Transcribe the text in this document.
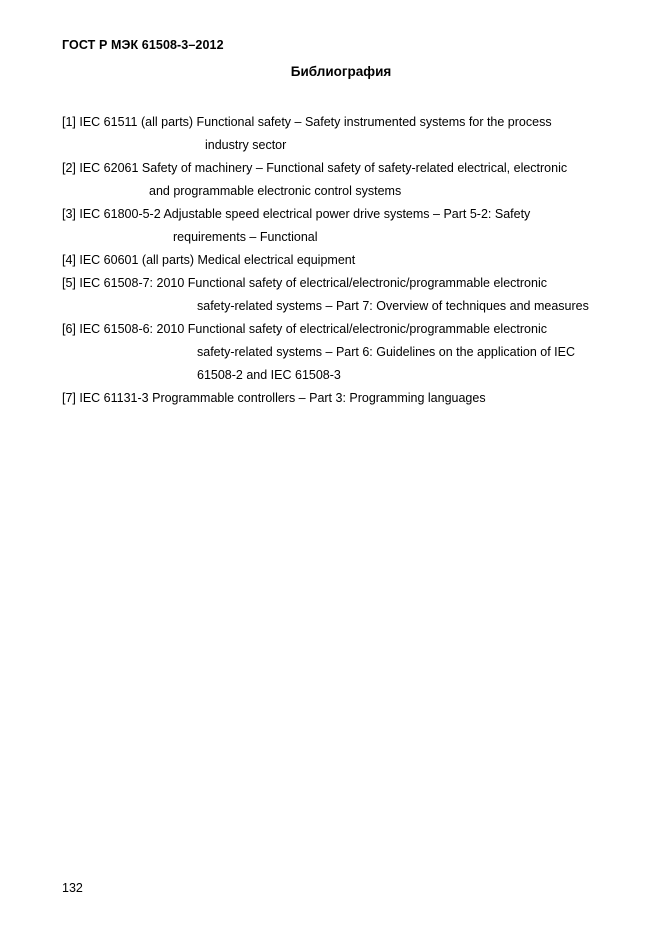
ГОСТ Р МЭК 61508-3–2012
Библиография
[1] IEC 61511 (all parts) Functional safety – Safety instrumented systems for the process
industry sector
[2] IEC 62061 Safety of machinery – Functional safety of safety-related electrical, electronic
and programmable electronic control systems
[3] IEC 61800-5-2 Adjustable speed electrical power drive systems – Part 5-2: Safety
requirements – Functional
[4] IEC 60601 (all parts) Medical electrical equipment
[5] IEC 61508-7: 2010 Functional safety of electrical/electronic/programmable electronic
safety-related systems – Part 7: Overview of techniques and measures
[6] IEC 61508-6: 2010 Functional safety of electrical/electronic/programmable electronic
safety-related systems – Part 6: Guidelines on the application of IEC
61508-2 and IEC 61508-3
[7] IEC 61131-3 Programmable controllers – Part 3: Programming languages
132
